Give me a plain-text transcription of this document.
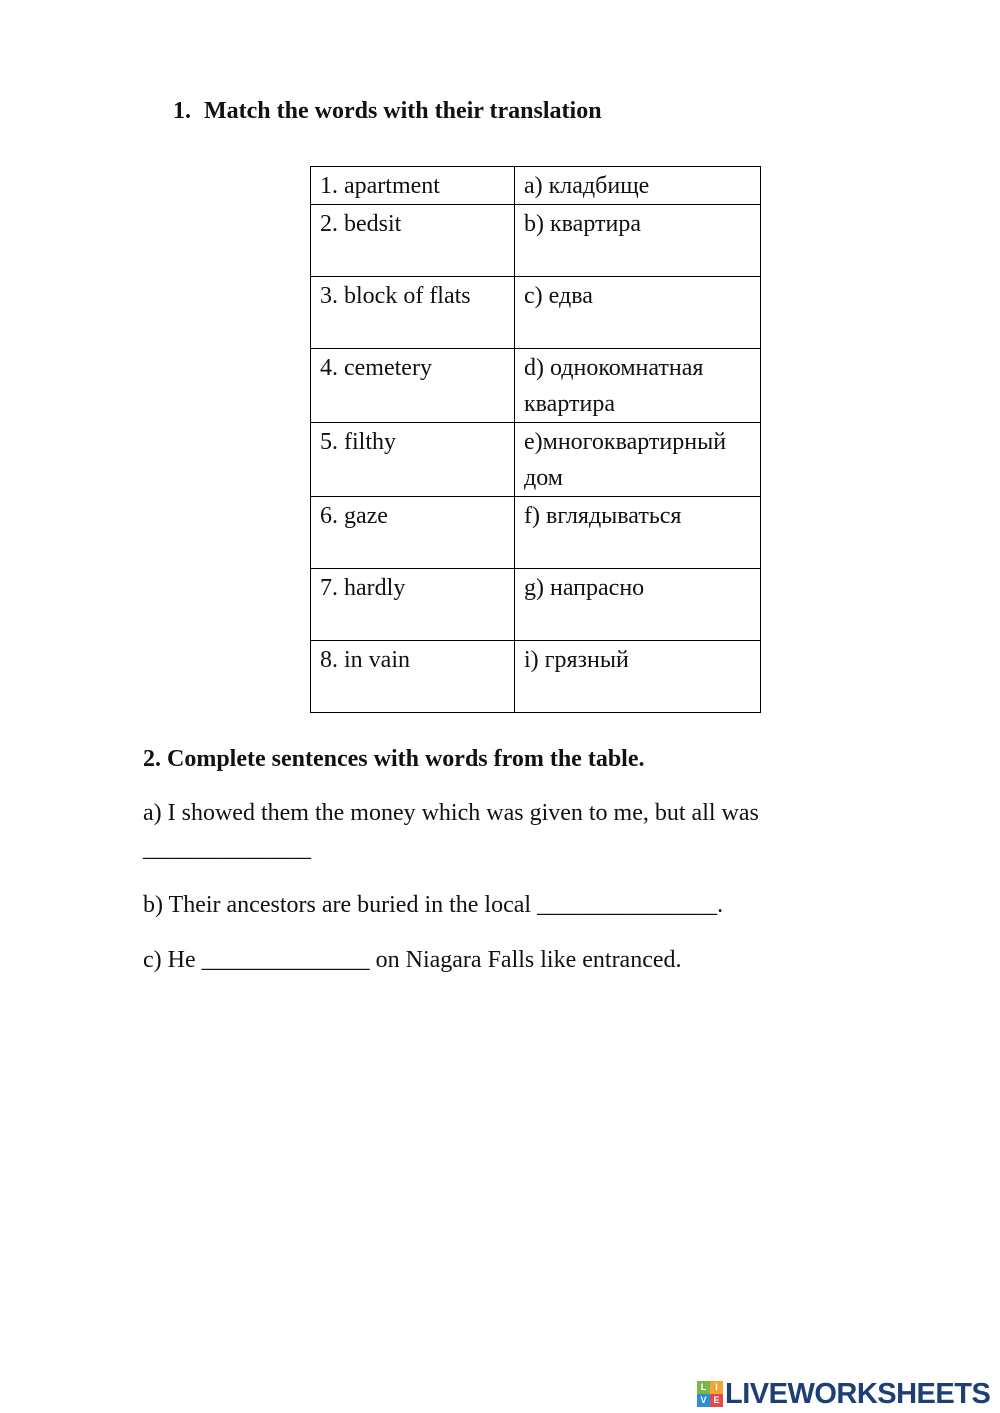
1. Match the words with their translation
1. apartment	a) кладбище
2. bedsit	b) квартира
3. block of flats	c) едва
4. cemetery	d) однокомнатная квартира
5. filthy	e)многоквартирный дом
6. gaze	f) вглядываться
7. hardly	g) напрасно
8. in vain	i) грязный
2. Complete sentences with words from the table.
a) I showed them the money which was given to me, but all was ______________
b) Their ancestors are buried in the local _______________.
c) He ______________ on Niagara Falls like entranced.
L I
V E LIVEWORKSHEETS
